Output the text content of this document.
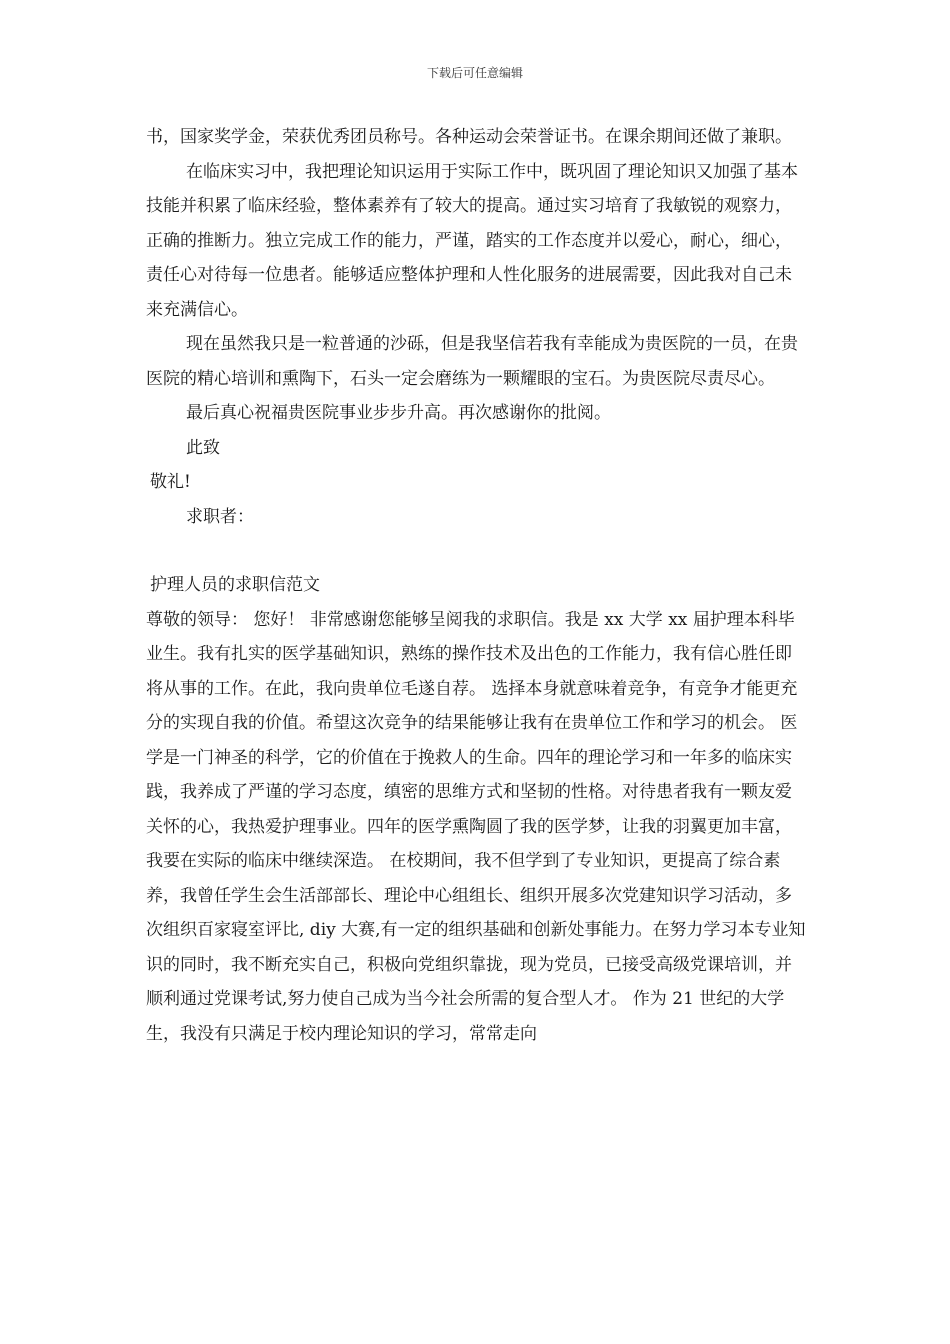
下载后可任意编辑

书，国家奖学金，荣获优秀团员称号。各种运动会荣誉证书。在课余期间还做了兼职。

在临床实习中，我把理论知识运用于实际工作中，既巩固了理论知识又加强了基本技能并积累了临床经验，整体素养有了较大的提高。通过实习培育了我敏锐的观察力，正确的推断力。独立完成工作的能力，严谨，踏实的工作态度并以爱心，耐心，细心，责任心对待每一位患者。能够适应整体护理和人性化服务的进展需要，因此我对自己未来充满信心。

现在虽然我只是一粒普通的沙砾，但是我坚信若我有幸能成为贵医院的一员，在贵医院的精心培训和熏陶下，石头一定会磨练为一颗耀眼的宝石。为贵医院尽责尽心。

最后真心祝福贵医院事业步步升高。再次感谢你的批阅。

此致

敬礼!

求职者：

护理人员的求职信范文

尊敬的领导： 您好！ 非常感谢您能够呈阅我的求职信。我是 xx 大学 xx 届护理本科毕业生。我有扎实的医学基础知识，熟练的操作技术及出色的工作能力，我有信心胜任即将从事的工作。在此，我向贵单位毛遂自荐。 选择本身就意味着竞争，有竞争才能更充分的实现自我的价值。希望这次竞争的结果能够让我有在贵单位工作和学习的机会。 医学是一门神圣的科学，它的价值在于挽救人的生命。四年的理论学习和一年多的临床实践，我养成了严谨的学习态度，缜密的思维方式和坚韧的性格。对待患者我有一颗友爱关怀的心，我热爱护理事业。四年的医学熏陶圆了我的医学梦，让我的羽翼更加丰富，我要在实际的临床中继续深造。 在校期间，我不但学到了专业知识，更提高了综合素养，我曾任学生会生活部部长、理论中心组组长、组织开展多次党建知识学习活动，多次组织百家寝室评比, diy 大赛,有一定的组织基础和创新处事能力。在努力学习本专业知识的同时，我不断充实自己，积极向党组织靠拢，现为党员，已接受高级党课培训，并顺利通过党课考试,努力使自己成为当今社会所需的复合型人才。 作为 21 世纪的大学生，我没有只满足于校内理论知识的学习，常常走向
